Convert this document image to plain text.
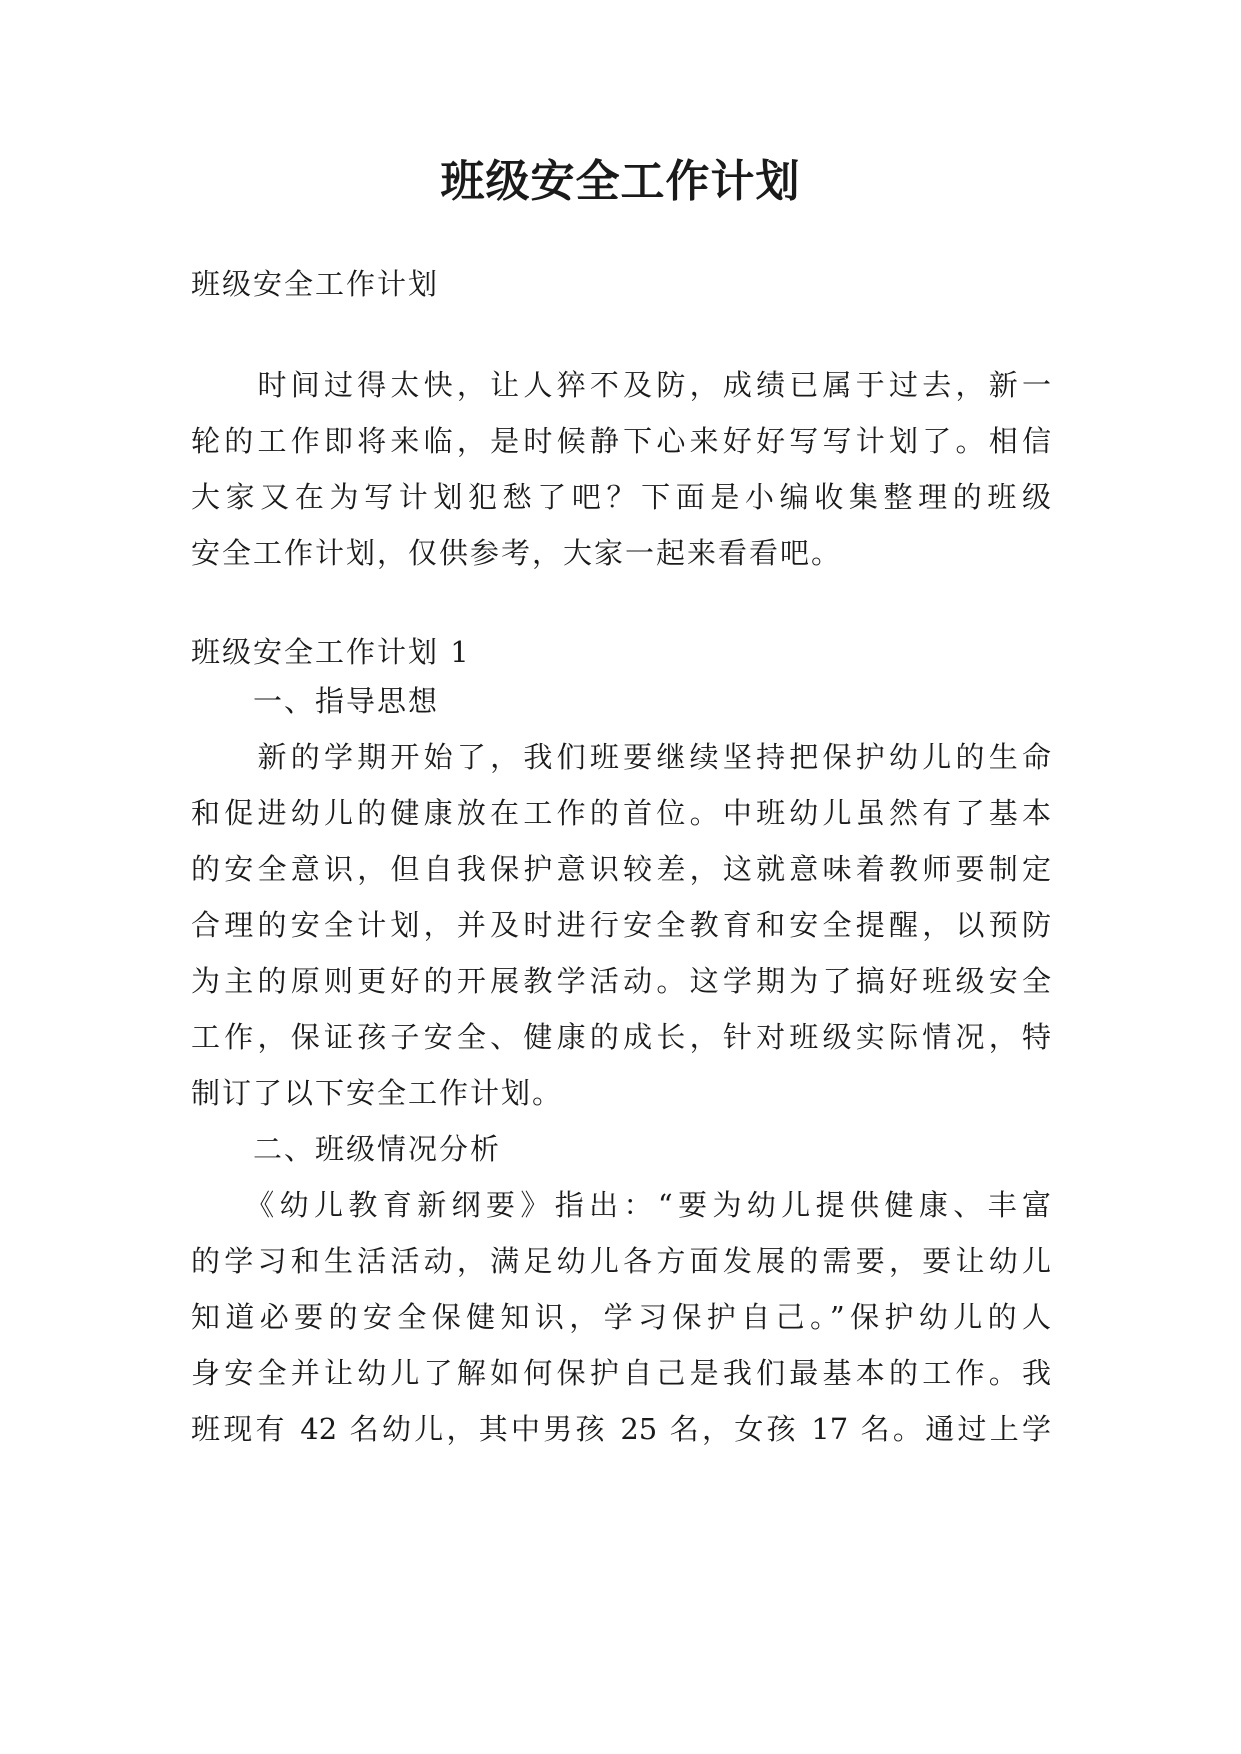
班级安全工作计划
班级安全工作计划
　　时间过得太快，让人猝不及防，成绩已属于过去，新一
轮的工作即将来临，是时候静下心来好好写写计划了。相信
大家又在为写计划犯愁了吧？下面是小编收集整理的班级
安全工作计划，仅供参考，大家一起来看看吧。
班级安全工作计划 1
　　一、指导思想
　　新的学期开始了，我们班要继续坚持把保护幼儿的生命
和促进幼儿的健康放在工作的首位。中班幼儿虽然有了基本
的安全意识，但自我保护意识较差，这就意味着教师要制定
合理的安全计划，并及时进行安全教育和安全提醒，以预防
为主的原则更好的开展教学活动。这学期为了搞好班级安全
工作，保证孩子安全、健康的成长，针对班级实际情况，特
制订了以下安全工作计划。
　　二、班级情况分析
　　《幼儿教育新纲要》指出：“要为幼儿提供健康、丰富
的学习和生活活动，满足幼儿各方面发展的需要，要让幼儿
知道必要的安全保健知识，学习保护自己。”保护幼儿的人
身安全并让幼儿了解如何保护自己是我们最基本的工作。我
班现有 42 名幼儿，其中男孩 25 名，女孩 17 名。通过上学
